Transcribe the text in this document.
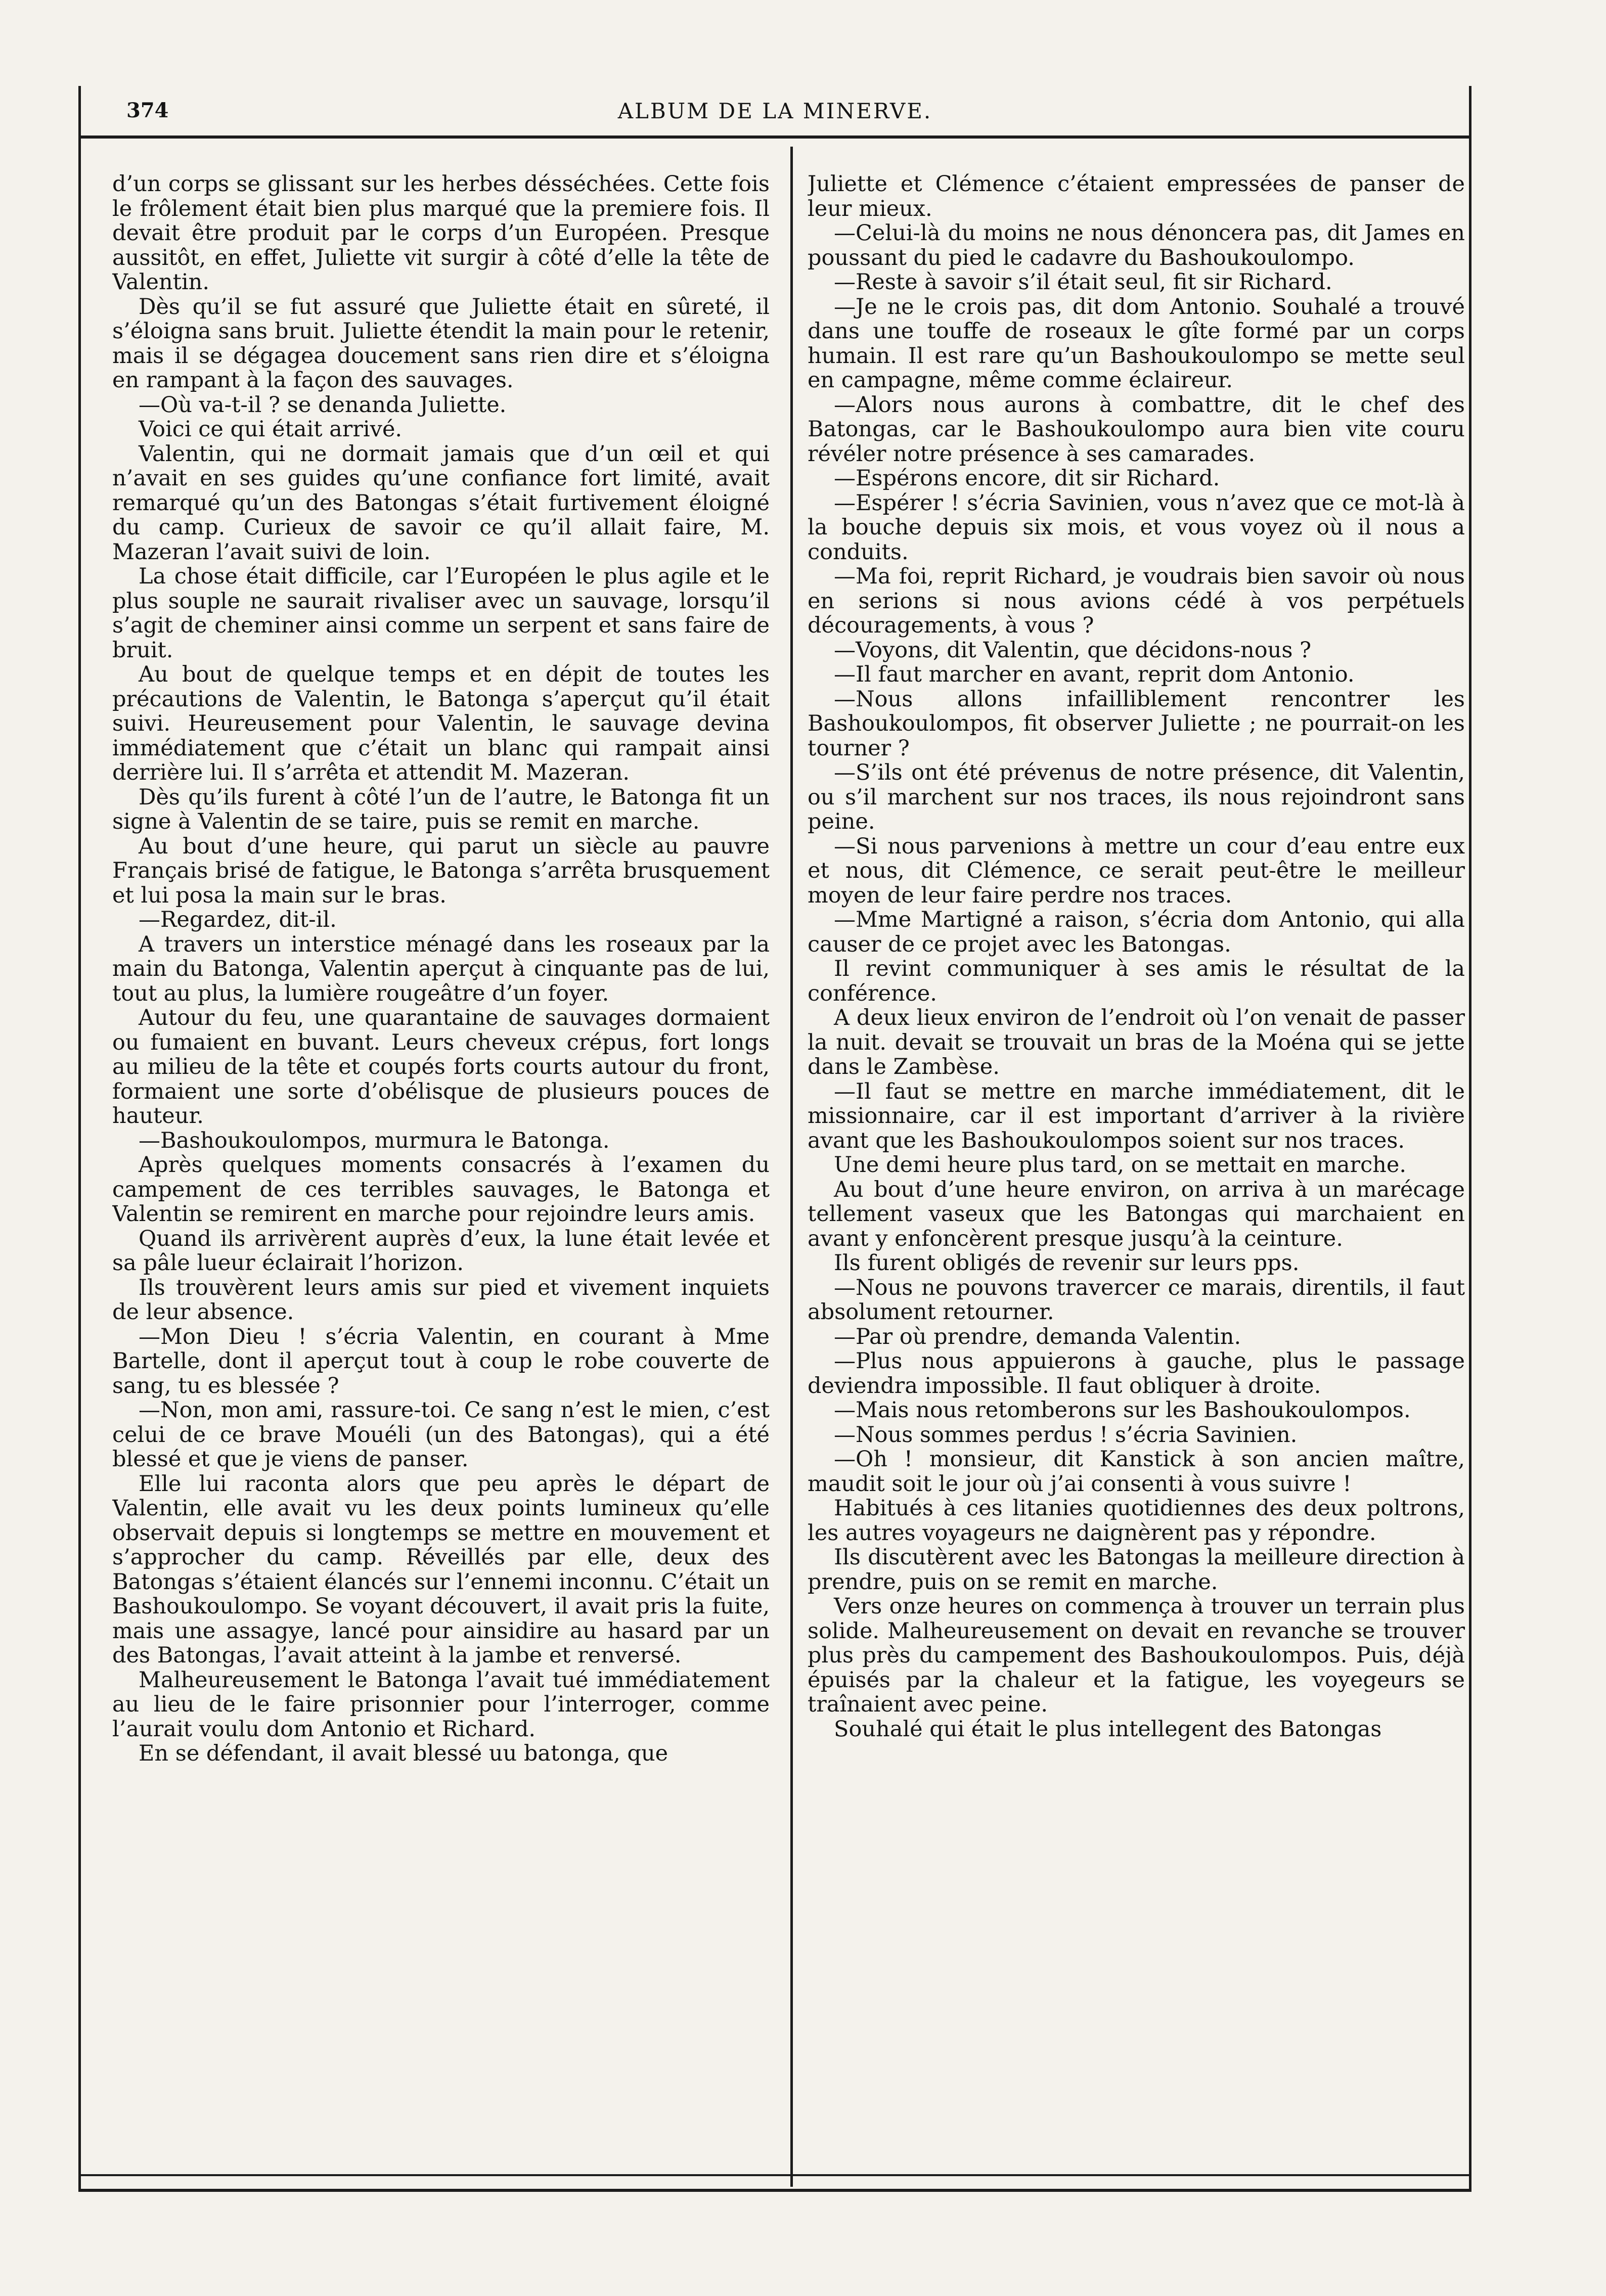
374	ALBUM DE LA MINERVE.

d’un corps se glissant sur les herbes désséchées. Cette fois le frôlement était bien plus marqué que la premiere fois. Il devait être produit par le corps d’un Européen. Presque aussitôt, en effet, Juliette vit surgir à côté d’elle la tête de Valentin.

Dès qu’il se fut assuré que Juliette était en sûreté, il s’éloigna sans bruit. Juliette étendit la main pour le retenir, mais il se dégagea doucement sans rien dire et s’éloigna en rampant à la façon des sauvages.

—Où va-t-il ? se denanda Juliette.

Voici ce qui était arrivé.

Valentin, qui ne dormait jamais que d’un œil et qui n’avait en ses guides qu’une confiance fort limité, avait remarqué qu’un des Batongas s’était furtivement éloigné du camp. Curieux de savoir ce qu’il allait faire, M. Mazeran l’avait suivi de loin.

La chose était difficile, car l’Européen le plus agile et le plus souple ne saurait rivaliser avec un sauvage, lorsqu’il s’agit de cheminer ainsi comme un serpent et sans faire de bruit.

Au bout de quelque temps et en dépit de toutes les précautions de Valentin, le Batonga s’aperçut qu’il était suivi. Heureusement pour Valentin, le sauvage devina immédiatement que c’était un blanc qui rampait ainsi derrière lui. Il s’arrêta et attendit M. Mazeran.

Dès qu’ils furent à côté l’un de l’autre, le Batonga fit un signe à Valentin de se taire, puis se remit en marche.

Au bout d’une heure, qui parut un siècle au pauvre Français brisé de fatigue, le Batonga s’arrêta brusquement et lui posa la main sur le bras.

—Regardez, dit-il.

A travers un interstice ménagé dans les roseaux par la main du Batonga, Valentin aperçut à cinquante pas de lui, tout au plus, la lumière rougeâtre d’un foyer.

Autour du feu, une quarantaine de sauvages dormaient ou fumaient en buvant. Leurs cheveux crépus, fort longs au milieu de la tête et coupés forts courts autour du front, formaient une sorte d’obélisque de plusieurs pouces de hauteur.

—Bashoukoulompos, murmura le Batonga.

Après quelques moments consacrés à l’examen du campement de ces terribles sauvages, le Batonga et Valentin se remirent en marche pour rejoindre leurs amis.

Quand ils arrivèrent auprès d’eux, la lune était levée et sa pâle lueur éclairait l’horizon.

Ils trouvèrent leurs amis sur pied et vivement inquiets de leur absence.

—Mon Dieu ! s’écria Valentin, en courant à Mme Bartelle, dont il aperçut tout à coup le robe couverte de sang, tu es blessée ?

—Non, mon ami, rassure-toi. Ce sang n’est le mien, c’est celui de ce brave Mouéli (un des Batongas), qui a été blessé et que je viens de panser.

Elle lui raconta alors que peu après le départ de Valentin, elle avait vu les deux points lumineux qu’elle observait depuis si longtemps se mettre en mouvement et s’approcher du camp. Réveillés par elle, deux des Batongas s’étaient élancés sur l’ennemi inconnu. C’était un Bashoukoulompo. Se voyant découvert, il avait pris la fuite, mais une assagye, lancé pour ainsidire au hasard par un des Batongas, l’avait atteint à la jambe et renversé.

Malheureusement le Batonga l’avait tué immédiatement au lieu de le faire prisonnier pour l’interroger, comme l’aurait voulu dom Antonio et Richard.

En se défendant, il avait blessé uu batonga, que

Juliette et Clémence c’étaient empressées de panser de leur mieux.

—Celui-là du moins ne nous dénoncera pas, dit James en poussant du pied le cadavre du Bashoukoulompo.

—Reste à savoir s’il était seul, fit sir Richard.

—Je ne le crois pas, dit dom Antonio. Souhalé a trouvé dans une touffe de roseaux le gîte formé par un corps humain. Il est rare qu’un Bashoukoulompo se mette seul en campagne, même comme éclaireur.

—Alors nous aurons à combattre, dit le chef des Batongas, car le Bashoukoulompo aura bien vite couru révéler notre présence à ses camarades.

—Espérons encore, dit sir Richard.

—Espérer ! s’écria Savinien, vous n’avez que ce mot-là à la bouche depuis six mois, et vous voyez où il nous a conduits.

—Ma foi, reprit Richard, je voudrais bien savoir où nous en serions si nous avions cédé à vos perpétuels découragements, à vous ?

—Voyons, dit Valentin, que décidons-nous ?

—Il faut marcher en avant, reprit dom Antonio.

—Nous allons infailliblement rencontrer les Bashoukoulompos, fit observer Juliette ; ne pourrait-on les tourner ?

—S’ils ont été prévenus de notre présence, dit Valentin, ou s’il marchent sur nos traces, ils nous rejoindront sans peine.

—Si nous parvenions à mettre un cour d’eau entre eux et nous, dit Clémence, ce serait peut-être le meilleur moyen de leur faire perdre nos traces.

—Mme Martigné a raison, s’écria dom Antonio, qui alla causer de ce projet avec les Batongas.

Il revint communiquer à ses amis le résultat de la conférence.

A deux lieux environ de l’endroit où l’on venait de passer la nuit. devait se trouvait un bras de la Moéna qui se jette dans le Zambèse.

—Il faut se mettre en marche immédiatement, dit le missionnaire, car il est important d’arriver à la rivière avant que les Bashoukoulompos soient sur nos traces.

Une demi heure plus tard, on se mettait en marche.

Au bout d’une heure environ, on arriva à un marécage tellement vaseux que les Batongas qui marchaient en avant y enfoncèrent presque jusqu’à la ceinture.

Ils furent obligés de revenir sur leurs pps.

—Nous ne pouvons travercer ce marais, direntils, il faut absolument retourner.

—Par où prendre, demanda Valentin.

—Plus nous appuierons à gauche, plus le passage deviendra impossible. Il faut obliquer à droite.

—Mais nous retomberons sur les Bashoukoulompos.

—Nous sommes perdus ! s’écria Savinien.

—Oh ! monsieur, dit Kanstick à son ancien maître, maudit soit le jour où j’ai consenti à vous suivre !

Habitués à ces litanies quotidiennes des deux poltrons, les autres voyageurs ne daignèrent pas y répondre.

Ils discutèrent avec les Batongas la meilleure direction à prendre, puis on se remit en marche.

Vers onze heures on commença à trouver un terrain plus solide. Malheureusement on devait en revanche se trouver plus près du campement des Bashoukoulompos. Puis, déjà épuisés par la chaleur et la fatigue, les voyegeurs se traînaient avec peine.

Souhalé qui était le plus intellegent des Batongas
